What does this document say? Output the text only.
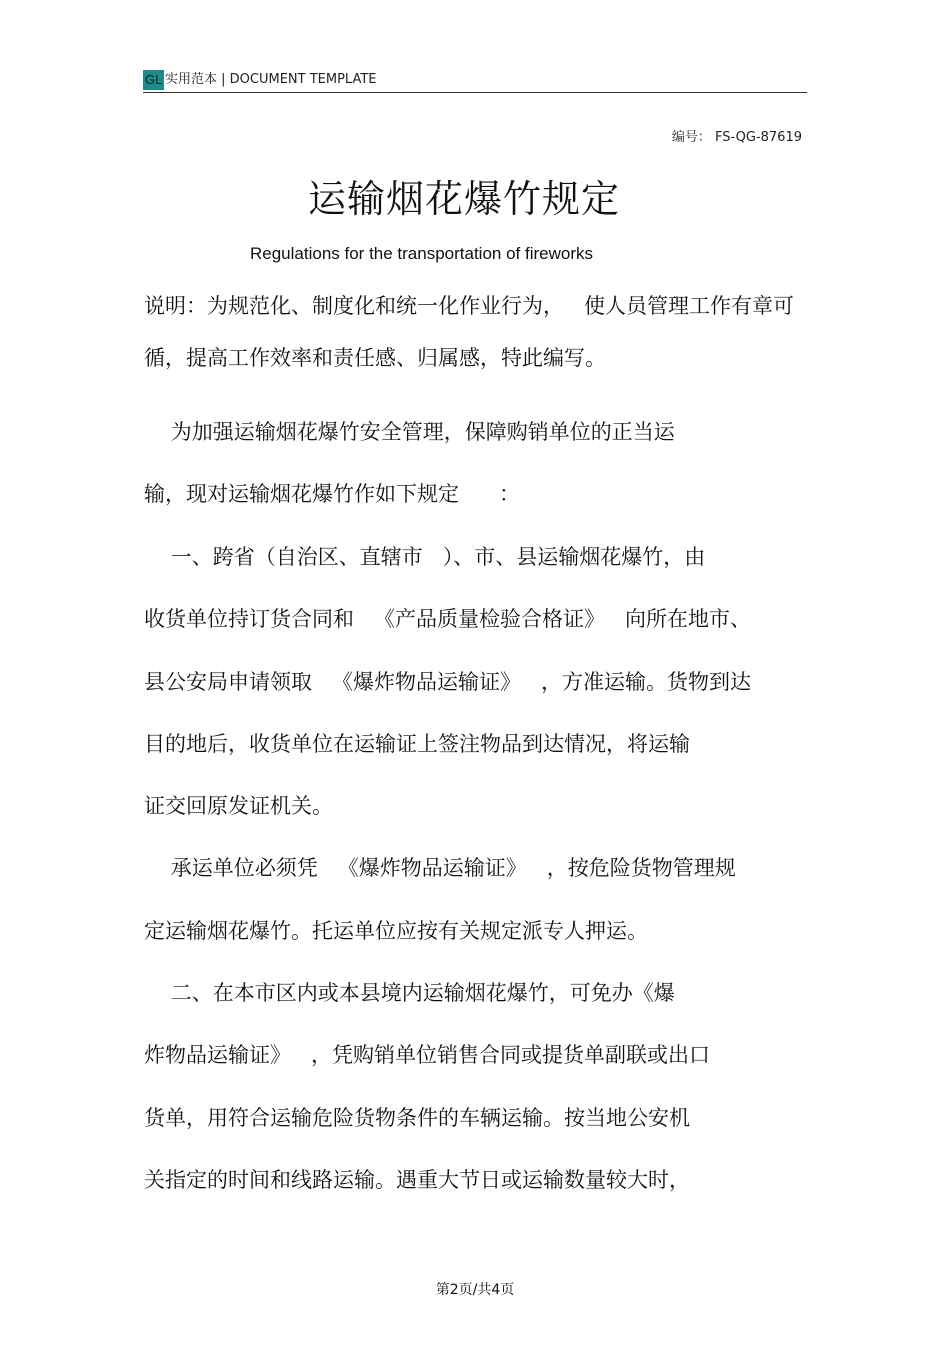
GL 实用范本 | DOCUMENT TEMPLATE
编号： FS-QG-87619
运输烟花爆竹规定
Regulations for the transportation of fireworks
说明：为规范化、制度化和统一化作业行为，   使人员管理工作有章可
循，提高工作效率和责任感、归属感，特此编写。
为加强运输烟花爆竹安全管理，保障购销单位的正当运
输，现对运输烟花爆竹作如下规定      ：
一、跨省（自治区、直辖市   ）、市、县运输烟花爆竹，由
收货单位持订货合同和   《产品质量检验合格证》   向所在地市、
县公安局申请领取   《爆炸物品运输证》   ，方准运输。货物到达
目的地后，收货单位在运输证上签注物品到达情况，将运输
证交回原发证机关。
承运单位必须凭   《爆炸物品运输证》   ，按危险货物管理规
定运输烟花爆竹。托运单位应按有关规定派专人押运。
二、在本市区内或本县境内运输烟花爆竹，可免办《爆
炸物品运输证》   ，凭购销单位销售合同或提货单副联或出口
货单，用符合运输危险货物条件的车辆运输。按当地公安机
关指定的时间和线路运输。遇重大节日或运输数量较大时，
第2页/共4页
